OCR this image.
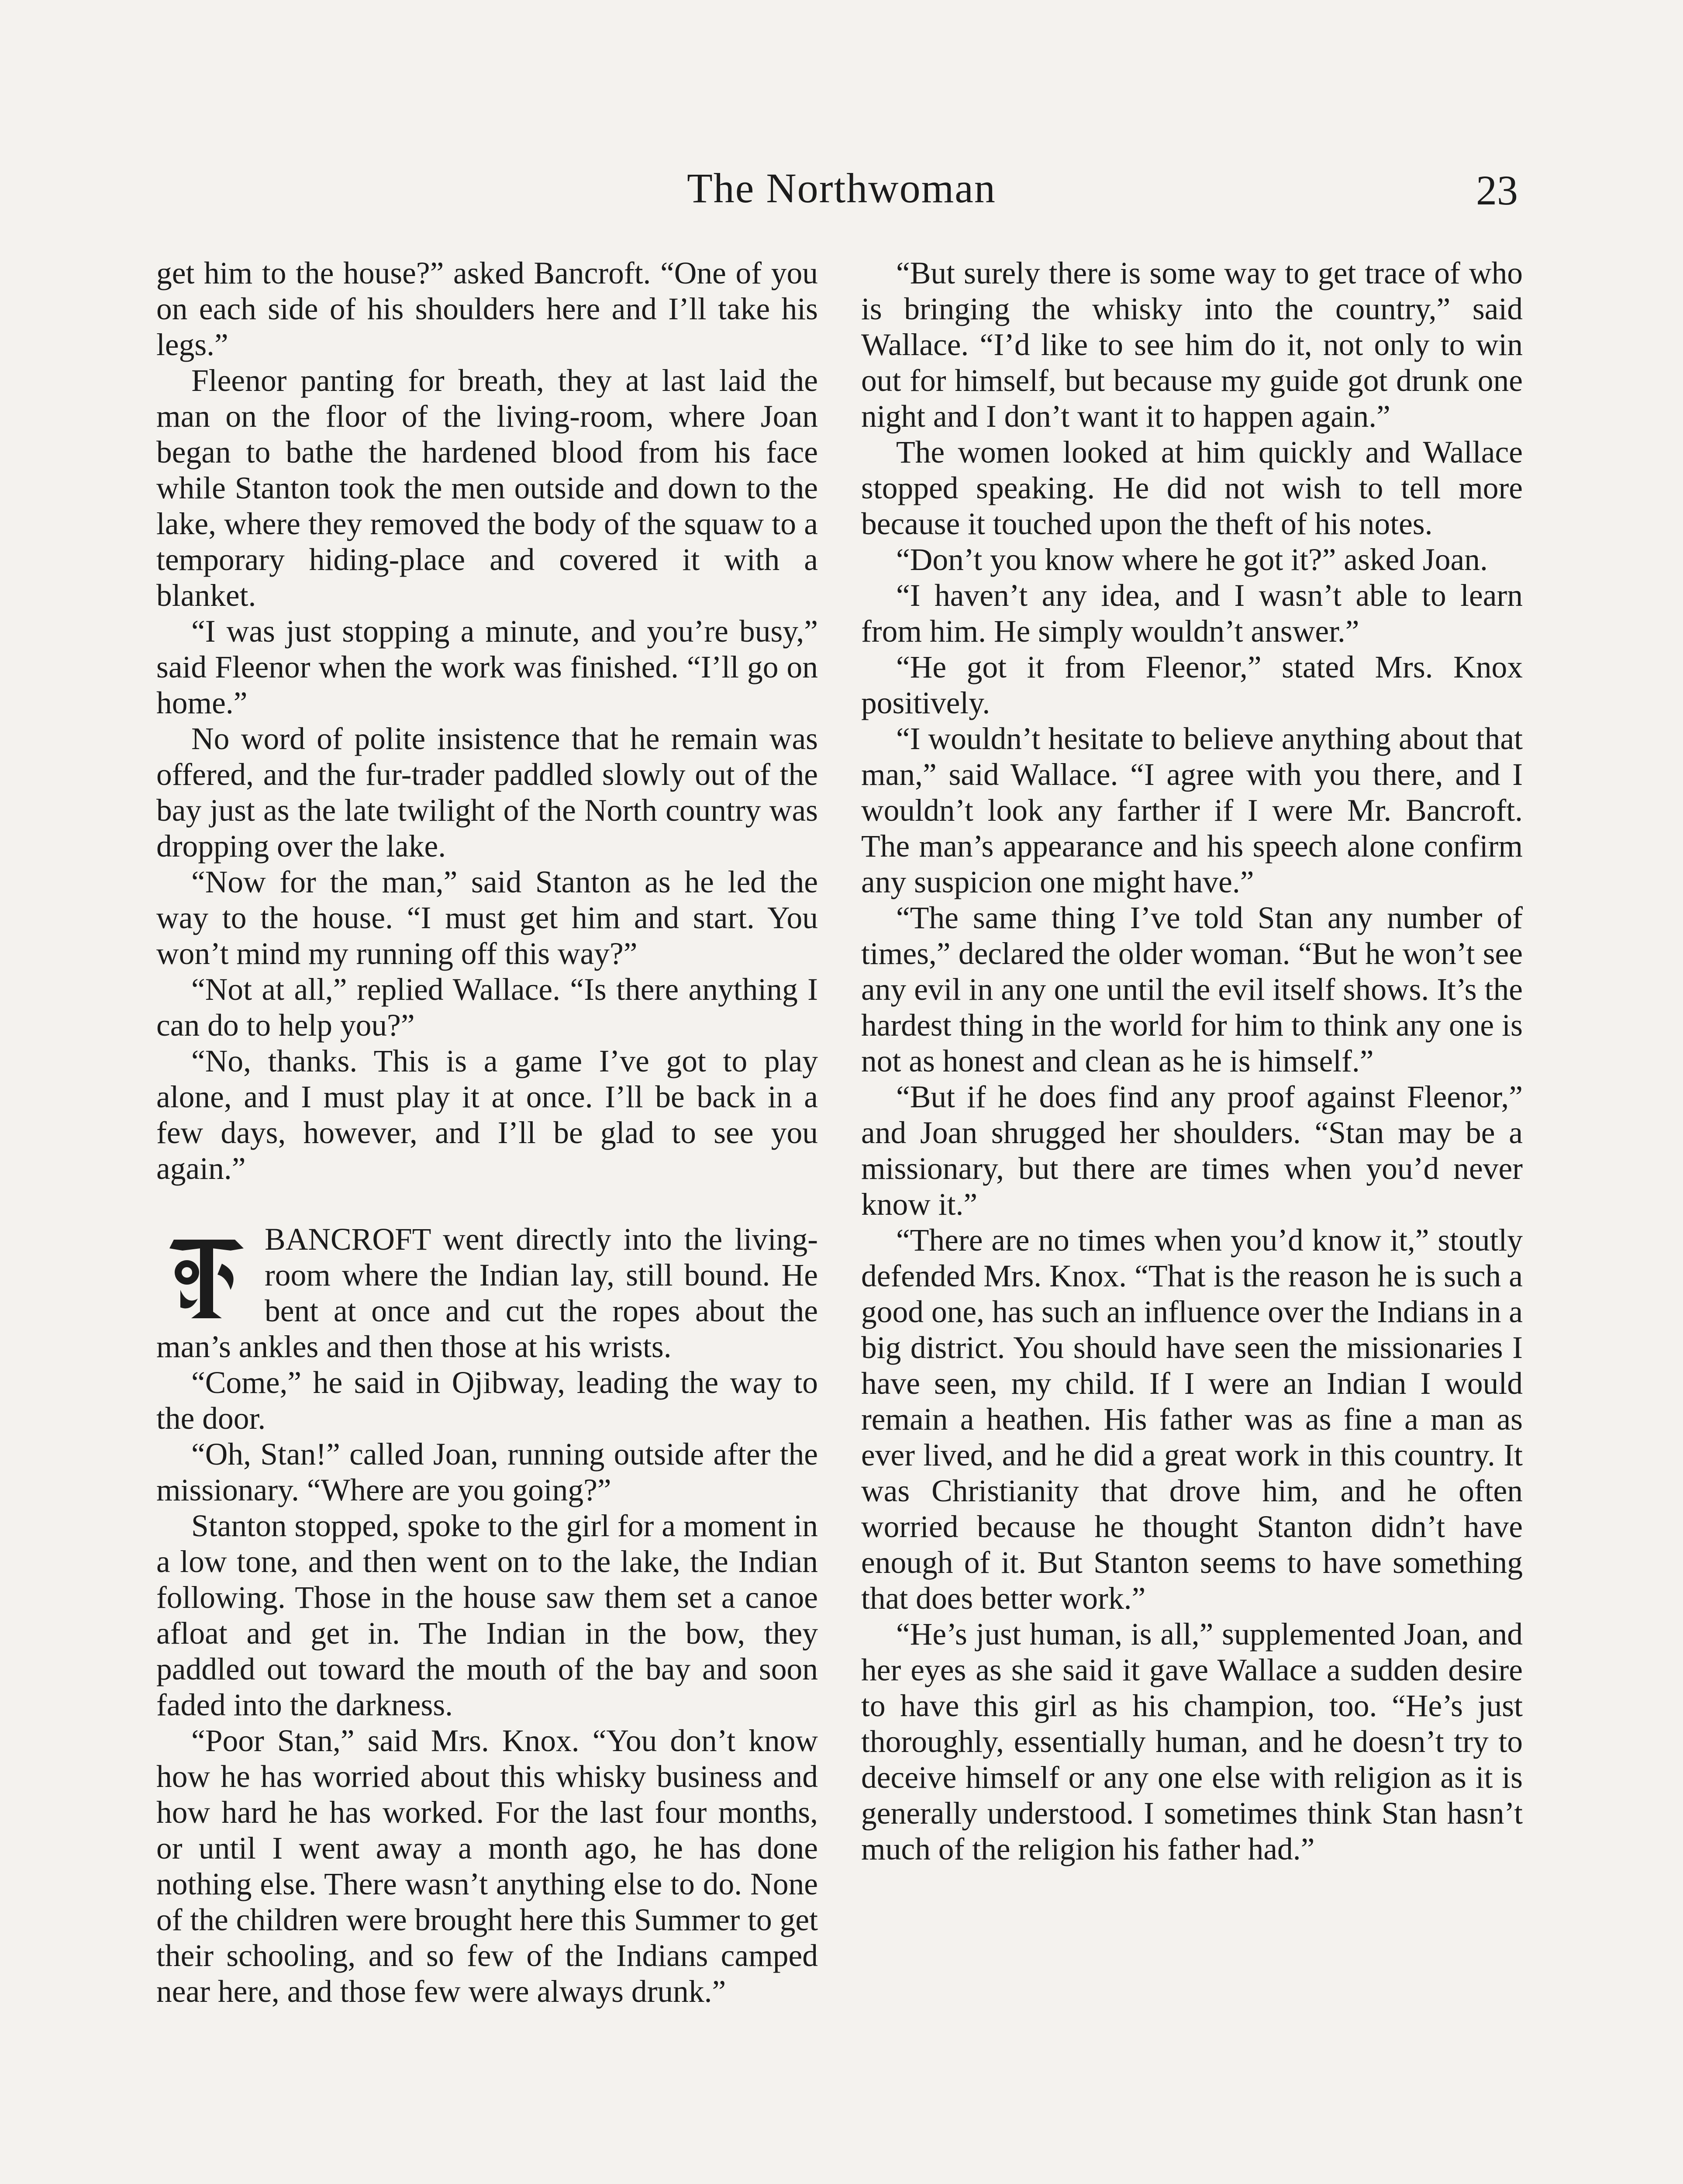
The Northwoman	23

get him to the house?” asked Bancroft. “One of you on each side of his shoulders here and I’ll take his legs.”

Fleenor panting for breath, they at last laid the man on the floor of the living-room, where Joan began to bathe the hardened blood from his face while Stanton took the men outside and down to the lake, where they removed the body of the squaw to a temporary hiding-place and covered it with a blanket.

“I was just stopping a minute, and you’re busy,” said Fleenor when the work was finished. “I’ll go on home.”

No word of polite insistence that he remain was offered, and the fur-trader paddled slowly out of the bay just as the late twilight of the North country was dropping over the lake.

“Now for the man,” said Stanton as he led the way to the house. “I must get him and start. You won’t mind my running off this way?”

“Not at all,” replied Wallace. “Is there anything I can do to help you?”

“No, thanks. This is a game I’ve got to play alone, and I must play it at once. I’ll be back in a few days, however, and I’ll be glad to see you again.”

BANCROFT went directly into the living-room where the Indian lay, still bound. He bent at once and cut the ropes about the man’s ankles and then those at his wrists.

“Come,” he said in Ojibway, leading the way to the door.

“Oh, Stan!” called Joan, running outside after the missionary. “Where are you going?”

Stanton stopped, spoke to the girl for a moment in a low tone, and then went on to the lake, the Indian following. Those in the house saw them set a canoe afloat and get in. The Indian in the bow, they paddled out toward the mouth of the bay and soon faded into the darkness.

“Poor Stan,” said Mrs. Knox. “You don’t know how he has worried about this whisky business and how hard he has worked. For the last four months, or until I went away a month ago, he has done nothing else. There wasn’t anything else to do. None of the children were brought here this Summer to get their schooling, and so few of the Indians camped near here, and those few were always drunk.”

“But surely there is some way to get trace of who is bringing the whisky into the country,” said Wallace. “I’d like to see him do it, not only to win out for himself, but because my guide got drunk one night and I don’t want it to happen again.”

The women looked at him quickly and Wallace stopped speaking. He did not wish to tell more because it touched upon the theft of his notes.

“Don’t you know where he got it?” asked Joan.

“I haven’t any idea, and I wasn’t able to learn from him. He simply wouldn’t answer.”

“He got it from Fleenor,” stated Mrs. Knox positively.

“I wouldn’t hesitate to believe anything about that man,” said Wallace. “I agree with you there, and I wouldn’t look any farther if I were Mr. Bancroft. The man’s appearance and his speech alone confirm any suspicion one might have.”

“The same thing I’ve told Stan any number of times,” declared the older woman. “But he won’t see any evil in any one until the evil itself shows. It’s the hardest thing in the world for him to think any one is not as honest and clean as he is himself.”

“But if he does find any proof against Fleenor,” and Joan shrugged her shoulders. “Stan may be a missionary, but there are times when you’d never know it.”

“There are no times when you’d know it,” stoutly defended Mrs. Knox. “That is the reason he is such a good one, has such an influence over the Indians in a big district. You should have seen the missionaries I have seen, my child. If I were an Indian I would remain a heathen. His father was as fine a man as ever lived, and he did a great work in this country. It was Christianity that drove him, and he often worried because he thought Stanton didn’t have enough of it. But Stanton seems to have something that does better work.”

“He’s just human, is all,” supplemented Joan, and her eyes as she said it gave Wallace a sudden desire to have this girl as his champion, too. “He’s just thoroughly, essentially human, and he doesn’t try to deceive himself or any one else with religion as it is generally understood. I sometimes think Stan hasn’t much of the religion his father had.”
